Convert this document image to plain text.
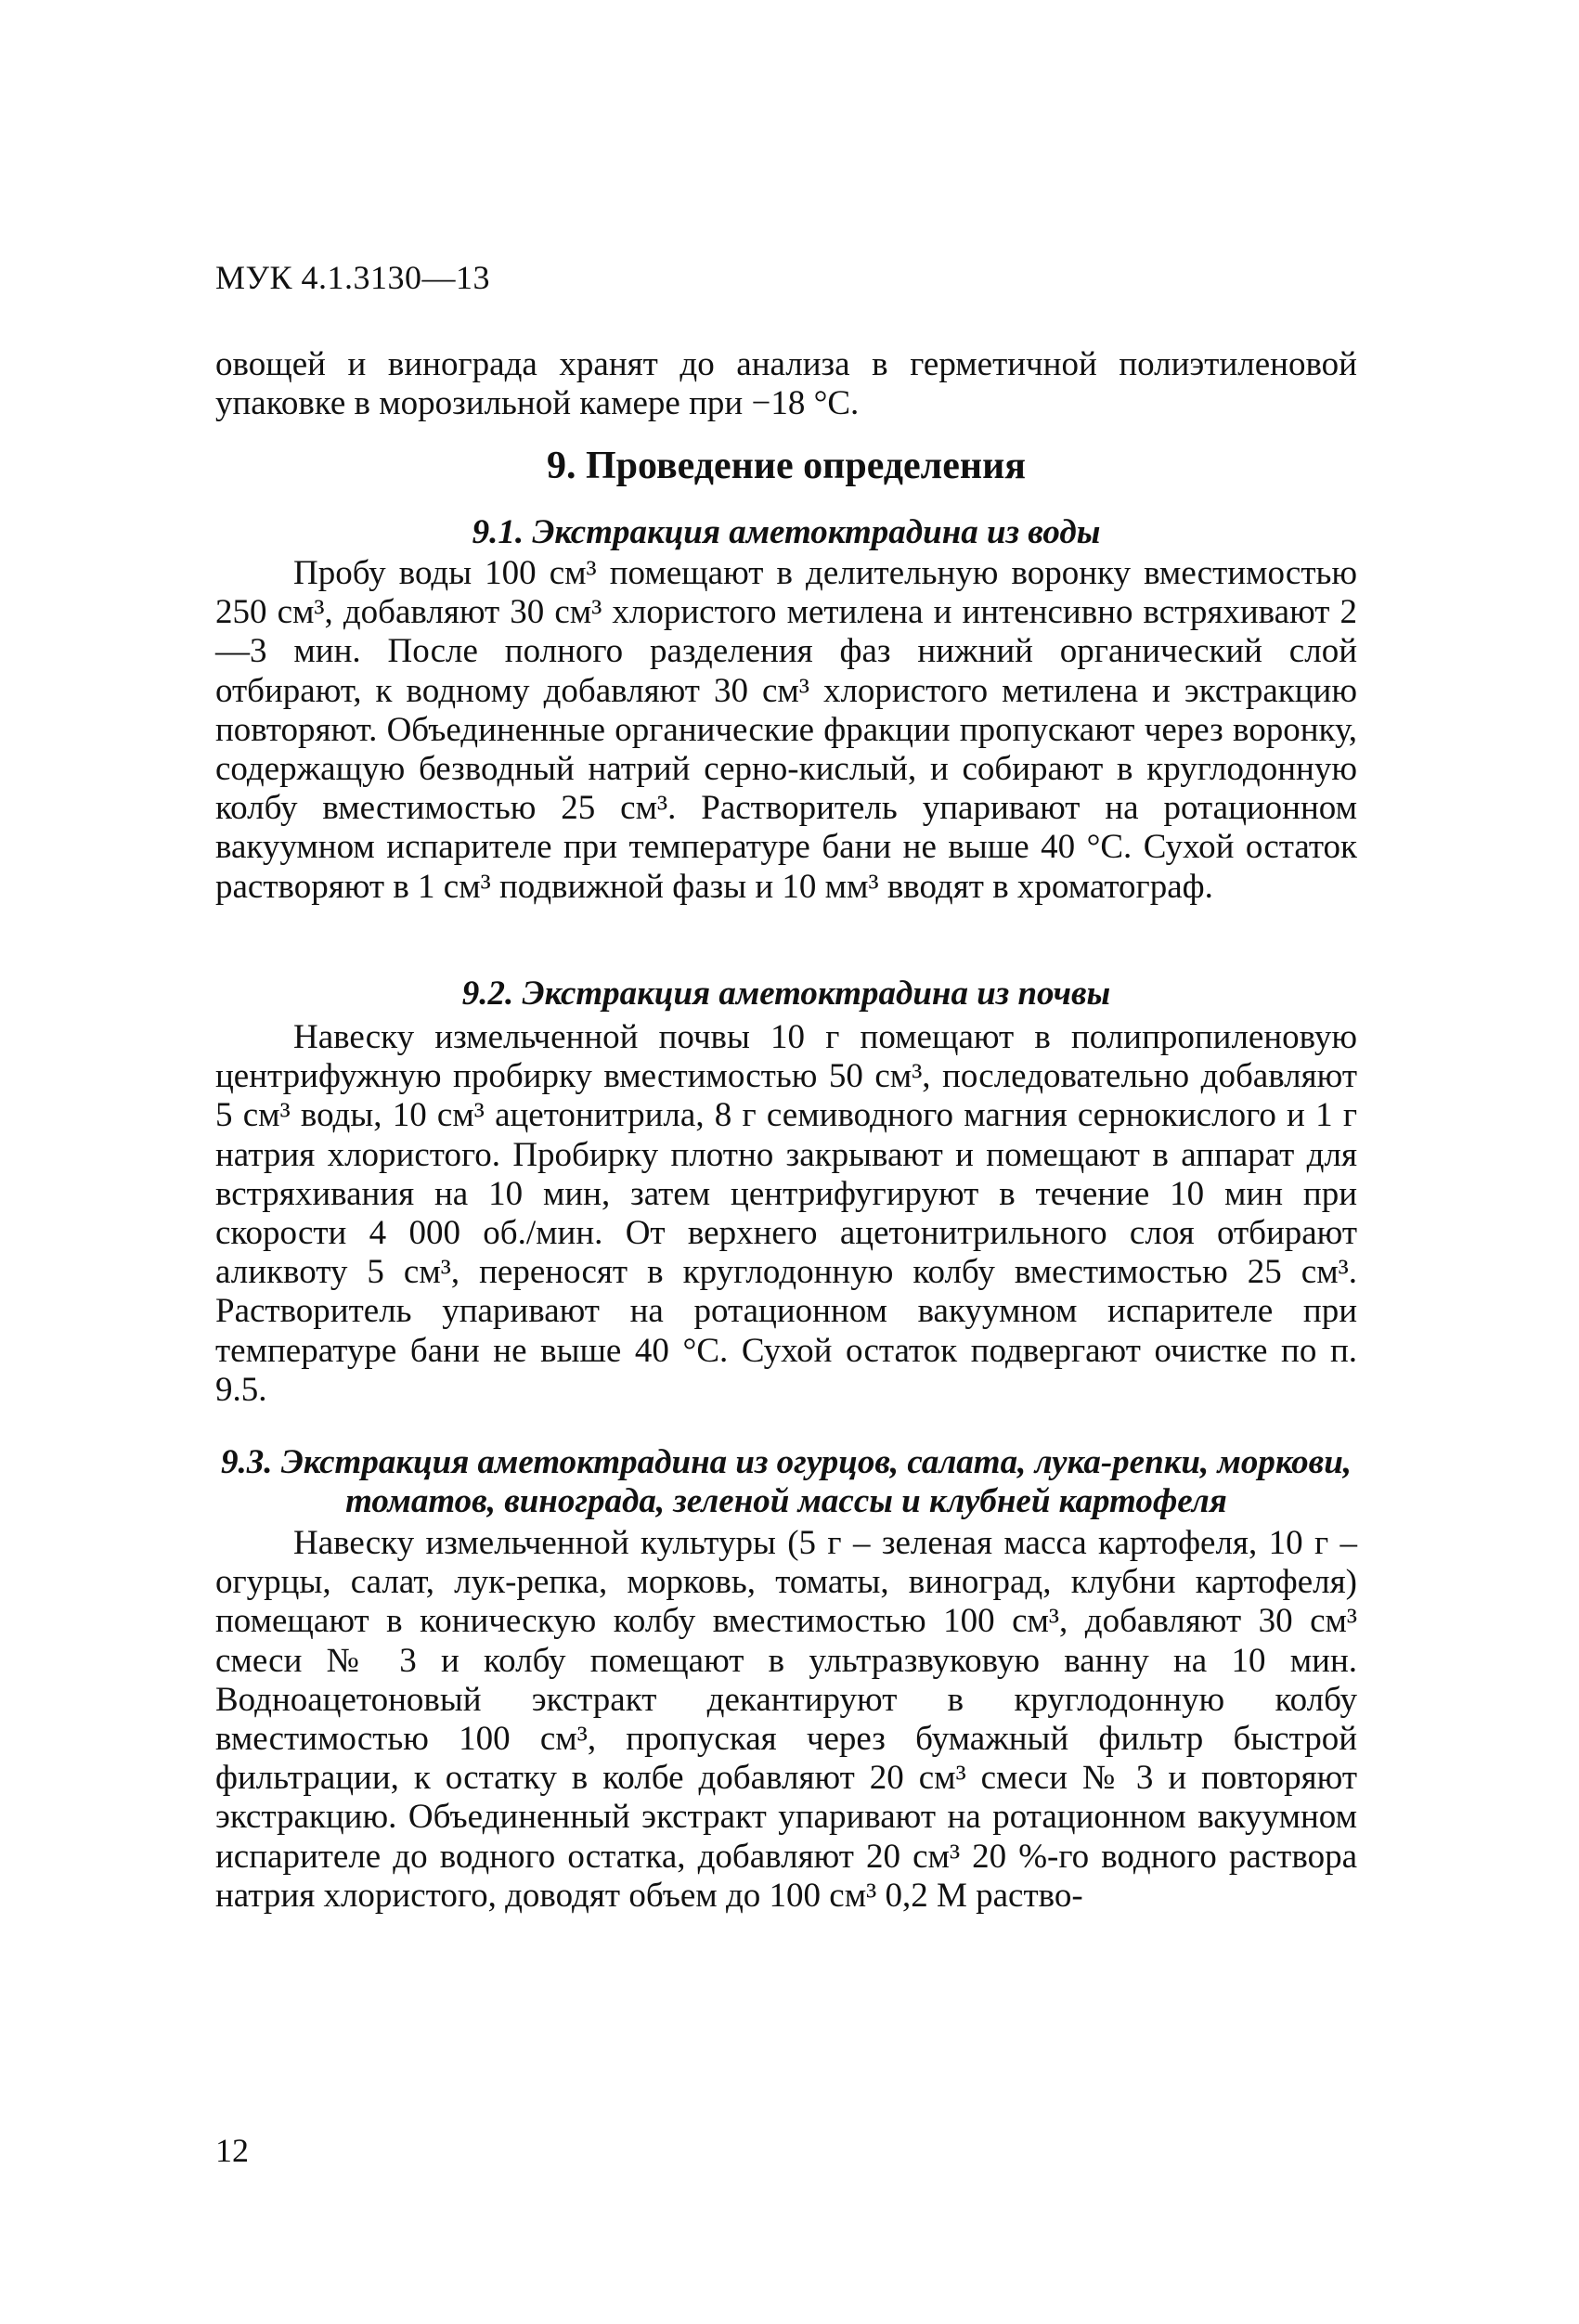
МУК 4.1.3130—13

овощей и винограда хранят до анализа в герметичной полиэтиленовой упаковке в морозильной камере при −18 °С.

9. Проведение определения

9.1. Экстракция аметоктрадина из воды

Пробу воды 100 см³ помещают в делительную воронку вместимостью 250 см³, добавляют 30 см³ хлористого метилена и интенсивно встряхивают 2—3 мин. После полного разделения фаз нижний органический слой отбирают, к водному добавляют 30 см³ хлористого метилена и экстракцию повторяют. Объединенные органические фракции пропускают через воронку, содержащую безводный натрий серно-кислый, и собирают в круглодонную колбу вместимостью 25 см³. Растворитель упаривают на ротационном вакуумном испарителе при температуре бани не выше 40 °С. Сухой остаток растворяют в 1 см³ подвижной фазы и 10 мм³ вводят в хроматограф.

9.2. Экстракция аметоктрадина из почвы

Навеску измельченной почвы 10 г помещают в полипропиленовую центрифужную пробирку вместимостью 50 см³, последовательно добавляют 5 см³ воды, 10 см³ ацетонитрила, 8 г семиводного магния сернокислого и 1 г натрия хлористого. Пробирку плотно закрывают и помещают в аппарат для встряхивания на 10 мин, затем центрифугируют в течение 10 мин при скорости 4 000 об./мин. От верхнего ацетонитрильного слоя отбирают аликвоту 5 см³, переносят в круглодонную колбу вместимостью 25 см³. Растворитель упаривают на ротационном вакуумном испарителе при температуре бани не выше 40 °С. Сухой остаток подвергают очистке по п. 9.5.

9.3. Экстракция аметоктрадина из огурцов, салата, лука-репки, моркови, томатов, винограда, зеленой массы и клубней картофеля

Навеску измельченной культуры (5 г – зеленая масса картофеля, 10 г – огурцы, салат, лук-репка, морковь, томаты, виноград, клубни картофеля) помещают в коническую колбу вместимостью 100 см³, добавляют 30 см³ смеси № 3 и колбу помещают в ультразвуковую ванну на 10 мин. Водноацетоновый экстракт декантируют в круглодонную колбу вместимостью 100 см³, пропуская через бумажный фильтр быстрой фильтрации, к остатку в колбе добавляют 20 см³ смеси № 3 и повторяют экстракцию. Объединенный экстракт упаривают на ротационном вакуумном испарителе до водного остатка, добавляют 20 см³ 20 %-го водного раствора натрия хлористого, доводят объем до 100 см³ 0,2 М раство-

12
